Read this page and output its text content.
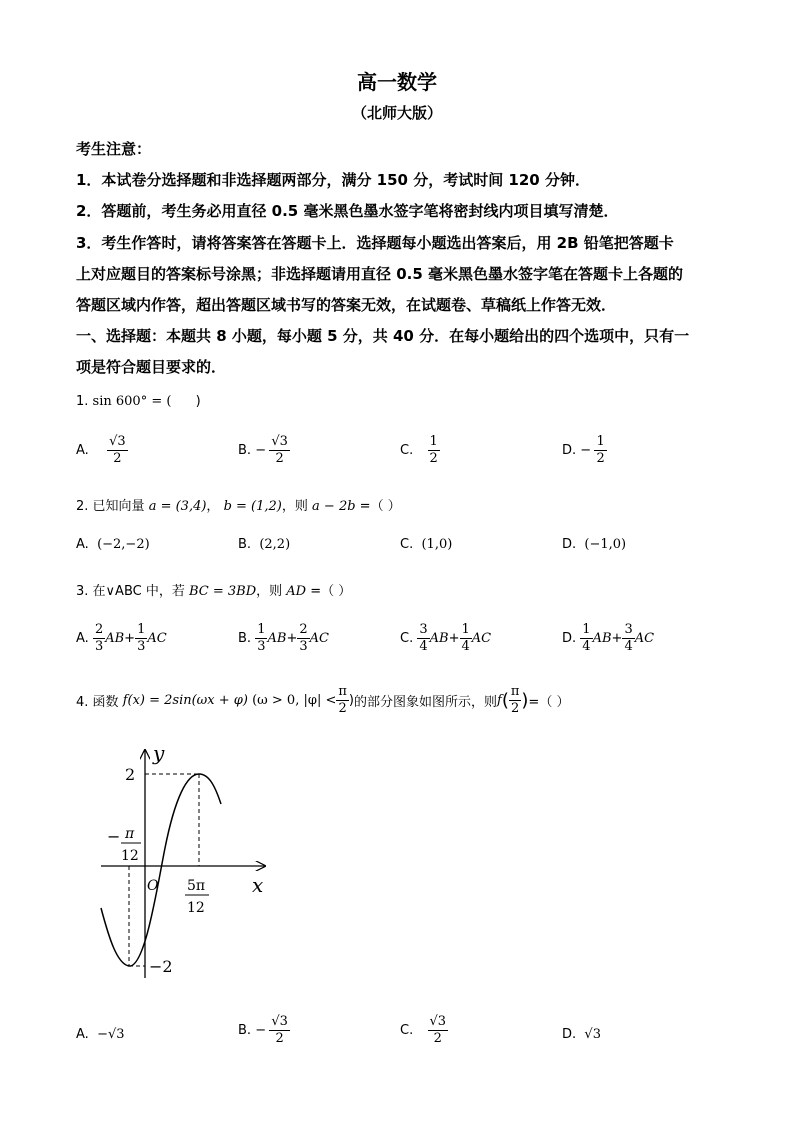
高一数学
（北师大版）
考生注意：
1．本试卷分选择题和非选择题两部分，满分 150 分，考试时间 120 分钟．
2．答题前，考生务必用直径 0.5 毫米黑色墨水签字笔将密封线内项目填写清楚．
3．考生作答时，请将答案答在答题卡上．选择题每小题选出答案后，用 2B 铅笔把答题卡
上对应题目的答案标号涂黑；非选择题请用直径 0.5 毫米黑色墨水签字笔在答题卡上各题的
答题区域内作答，超出答题区域书写的答案无效，在试题卷、草稿纸上作答无效．
一、选择题：本题共 8 小题，每小题 5 分，共 40 分．在每小题给出的四个选项中，只有一
项是符合题目要求的．
1. sin 600° = ( )
A. $\frac{√3}{2}$	B. − $\frac{√3}{2}$	C. $\frac{1}{2}$	D. − $\frac{1}{2}$
2. 已知向量 a = (3,4)， b = (1,2)，则 a − 2b =（ ）
A. (−2,−2)	B. (2,2)	C. (1,0)	D. (−1,0)
3. 在∨ABC 中，若 BC = 3BD，则 AD =（ ）
A. $\frac{2}{3} AB+ \frac{1}{3}$ AC	B. $\frac{1}{3} AB+ \frac{2}{3}$ AC	C. $\frac{3}{4} AB+ \frac{1}{4}$ AC	D. $\frac{1}{4} AB+ \frac{3}{4}$ AC
4. 函数 f(x) = 2sin(ωx + φ) (ω > 0, $|\varphi| < \frac{\pi}{2}$ )的部分图象如图所示，则$f( \frac{\pi}{2}$ )=（ ）
y
x
O
2
−2
− π
12
5π
12
A. −√3	B. − $\frac{√3}{2}$	C. $\frac{√3}{2}$	D. √3
